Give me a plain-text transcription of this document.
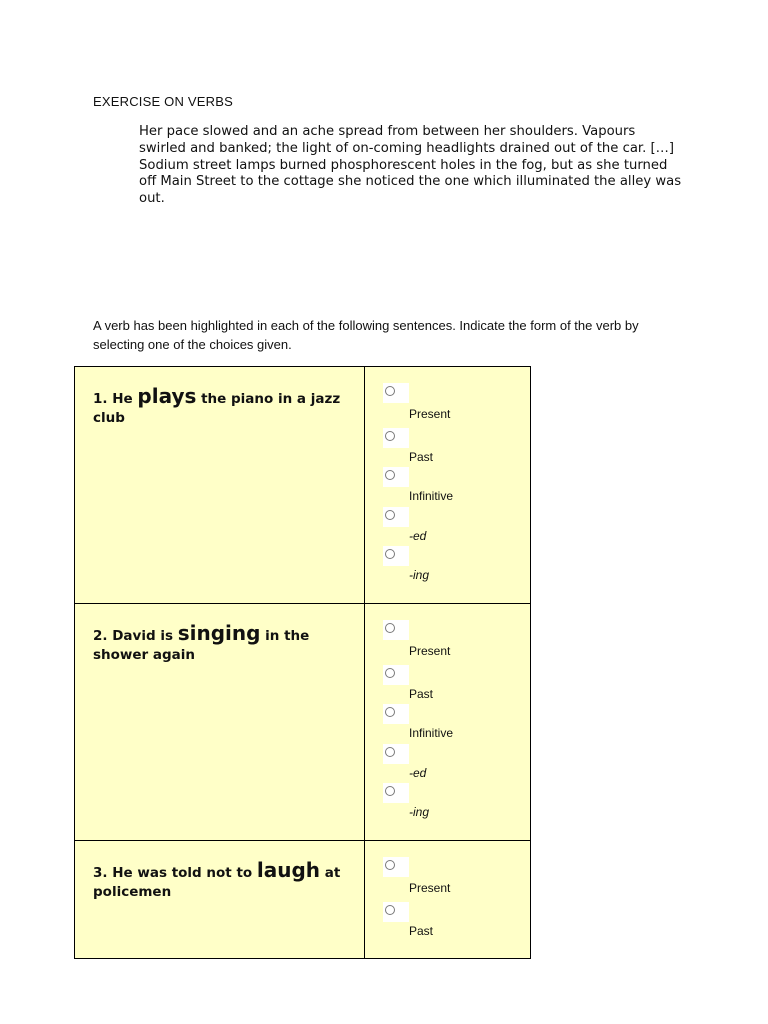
EXERCISE ON VERBS
Her pace slowed and an ache spread from between her shoulders. Vapours swirled and banked; the light of on-coming headlights drained out of the car. […] Sodium street lamps burned phosphorescent holes in the fog, but as she turned off Main Street to the cottage she noticed the one which illuminated the alley was out.
A verb has been highlighted in each of the following sentences. Indicate the form of the verb by selecting one of the choices given.
1. He plays the piano in a jazz club	Present
Past
Infinitive
-ed
-ing

2. David is singing in the shower again	Present
Past
Infinitive
-ed
-ing

3. He was told not to laugh at policemen	Present
Past
